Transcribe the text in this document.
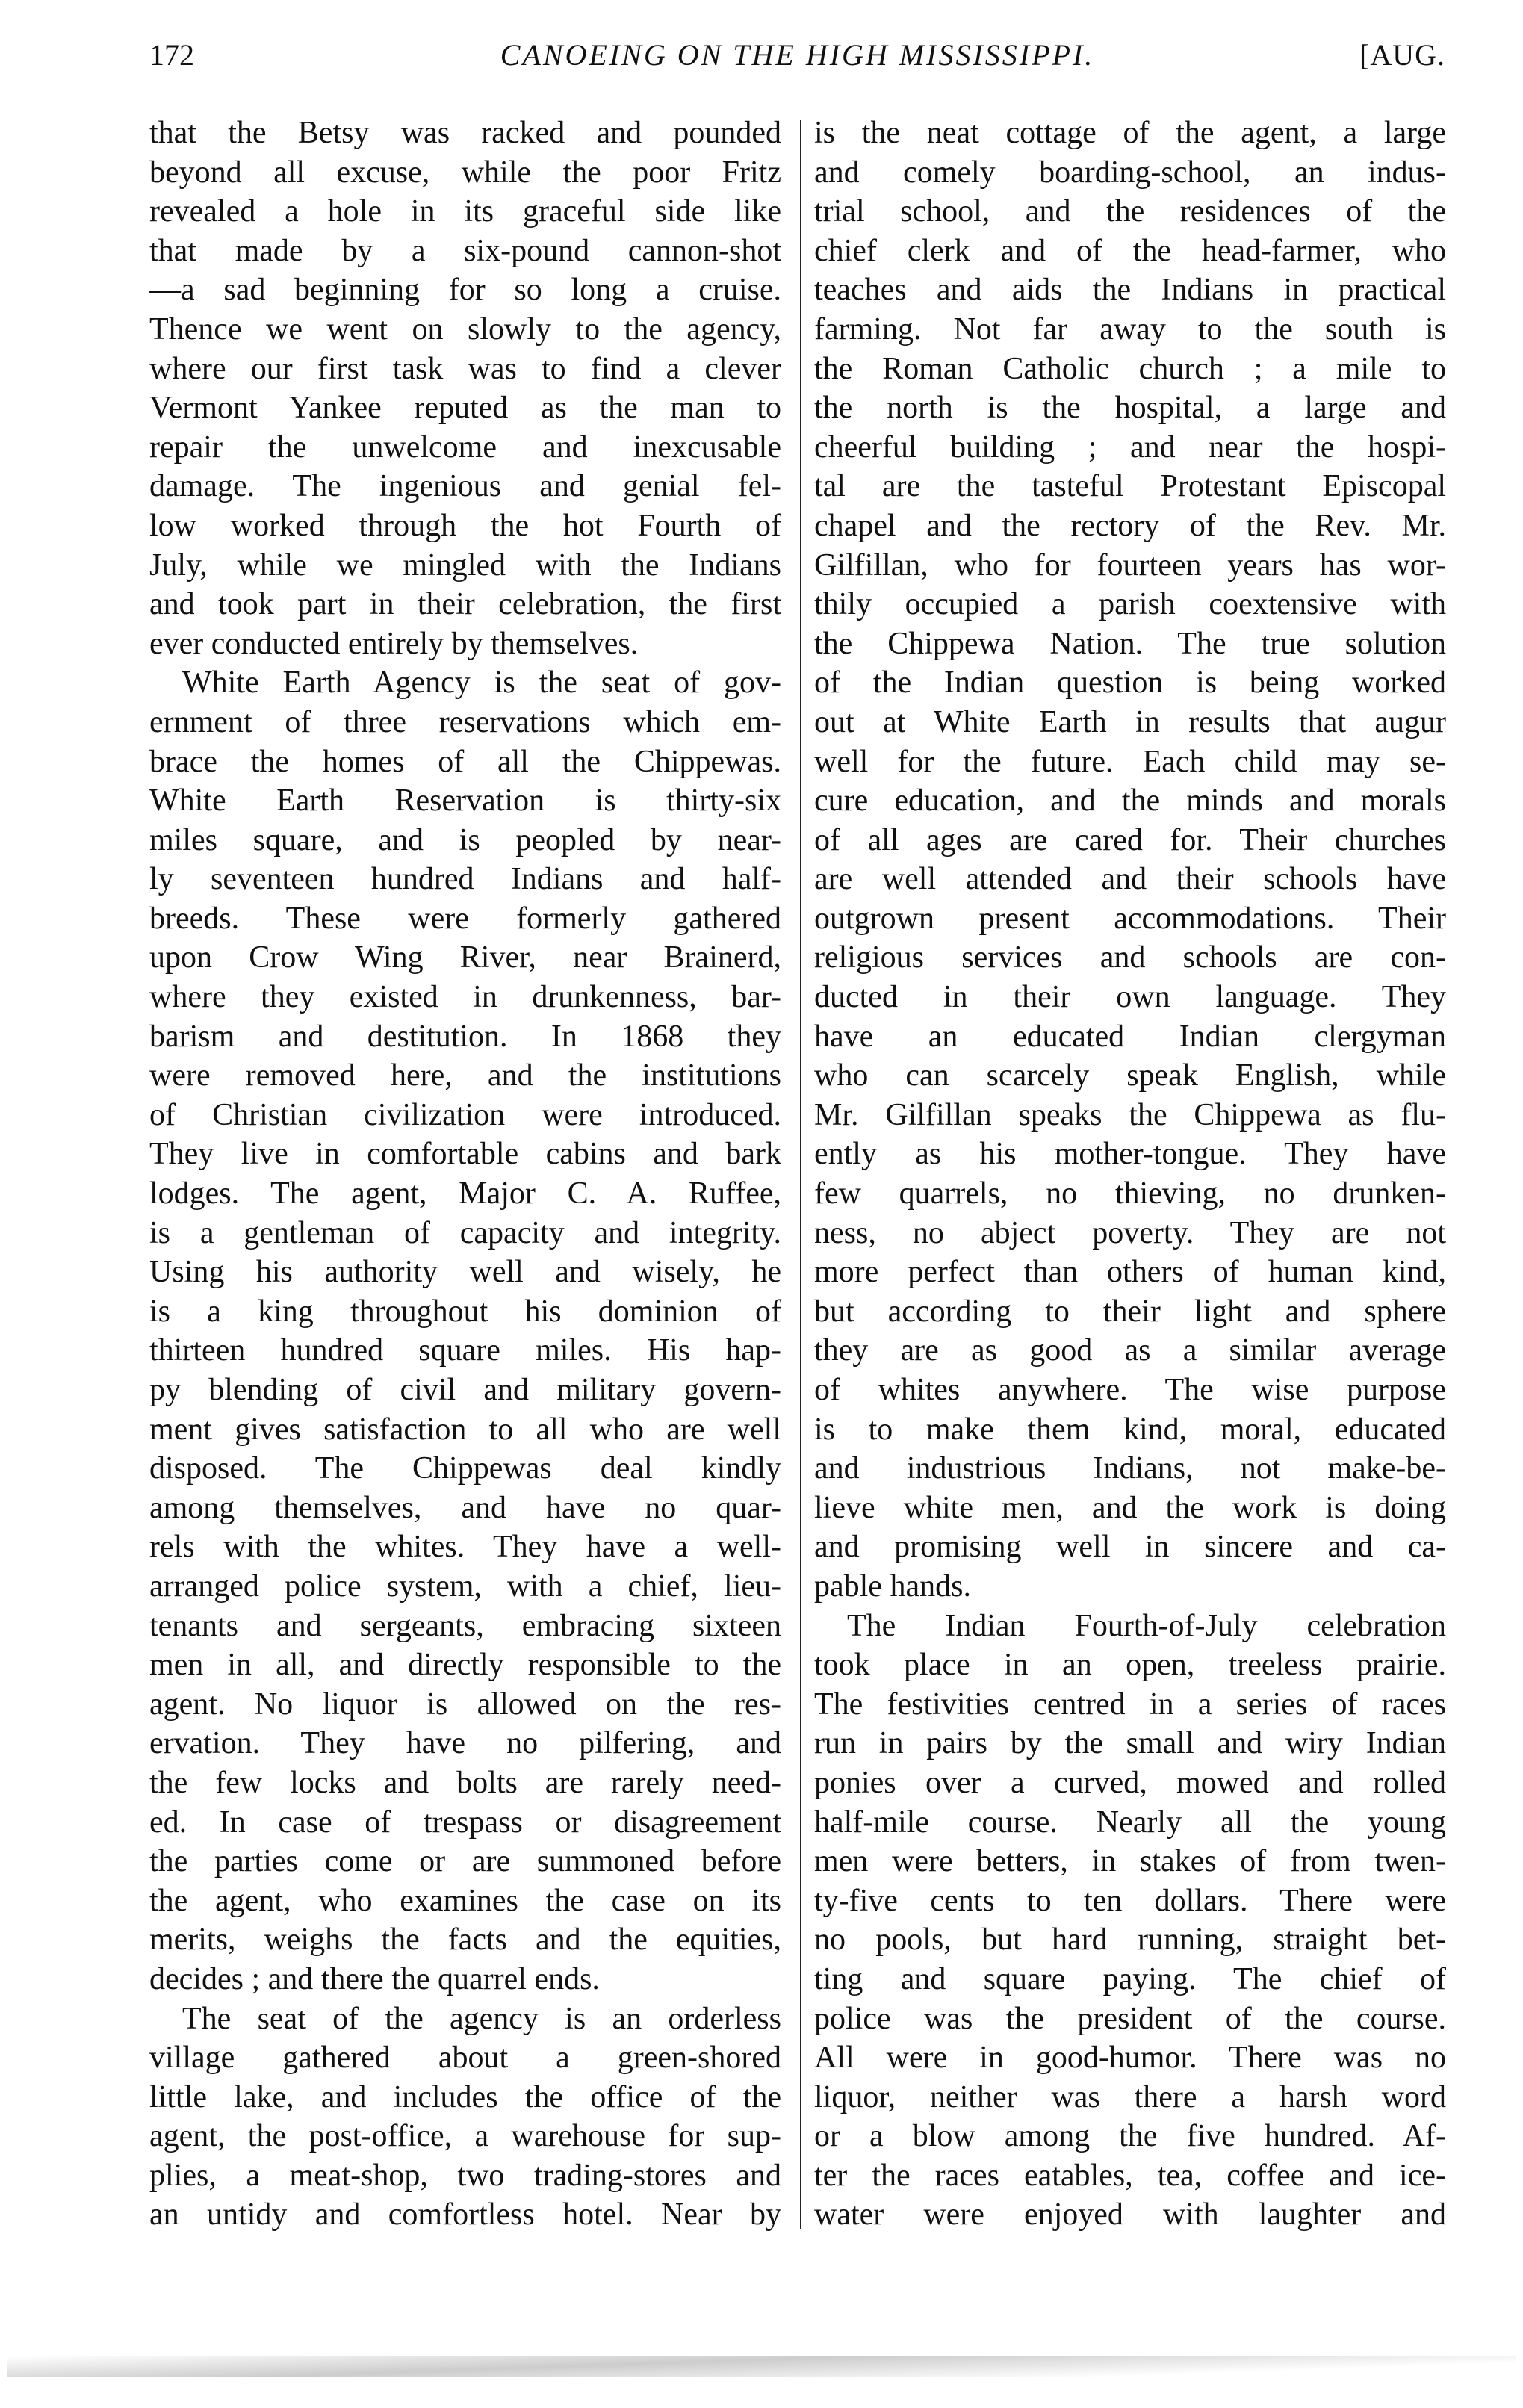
172	CANOEING ON THE HIGH MISSISSIPPI.	[AUG.
that the Betsy was racked and pounded
beyond all excuse, while the poor Fritz
revealed a hole in its graceful side like
that made by a six-pound cannon-shot
—a sad beginning for so long a cruise.
Thence we went on slowly to the agency,
where our first task was to find a clever
Vermont Yankee reputed as the man to
repair the unwelcome and inexcusable
damage. The ingenious and genial fel-
low worked through the hot Fourth of
July, while we mingled with the Indians
and took part in their celebration, the first
ever conducted entirely by themselves.
White Earth Agency is the seat of gov-
ernment of three reservations which em-
brace the homes of all the Chippewas.
White Earth Reservation is thirty-six
miles square, and is peopled by near-
ly seventeen hundred Indians and half-
breeds. These were formerly gathered
upon Crow Wing River, near Brainerd,
where they existed in drunkenness, bar-
barism and destitution. In 1868 they
were removed here, and the institutions
of Christian civilization were introduced.
They live in comfortable cabins and bark
lodges. The agent, Major C. A. Ruffee,
is a gentleman of capacity and integrity.
Using his authority well and wisely, he
is a king throughout his dominion of
thirteen hundred square miles. His hap-
py blending of civil and military govern-
ment gives satisfaction to all who are well
disposed. The Chippewas deal kindly
among themselves, and have no quar-
rels with the whites. They have a well-
arranged police system, with a chief, lieu-
tenants and sergeants, embracing sixteen
men in all, and directly responsible to the
agent. No liquor is allowed on the res-
ervation. They have no pilfering, and
the few locks and bolts are rarely need-
ed. In case of trespass or disagreement
the parties come or are summoned before
the agent, who examines the case on its
merits, weighs the facts and the equities,
decides ; and there the quarrel ends.
The seat of the agency is an orderless
village gathered about a green-shored
little lake, and includes the office of the
agent, the post-office, a warehouse for sup-
plies, a meat-shop, two trading-stores and
an untidy and comfortless hotel. Near by
is the neat cottage of the agent, a large
and comely boarding-school, an indus-
trial school, and the residences of the
chief clerk and of the head-farmer, who
teaches and aids the Indians in practical
farming. Not far away to the south is
the Roman Catholic church ; a mile to
the north is the hospital, a large and
cheerful building ; and near the hospi-
tal are the tasteful Protestant Episcopal
chapel and the rectory of the Rev. Mr.
Gilfillan, who for fourteen years has wor-
thily occupied a parish coextensive with
the Chippewa Nation. The true solution
of the Indian question is being worked
out at White Earth in results that augur
well for the future. Each child may se-
cure education, and the minds and morals
of all ages are cared for. Their churches
are well attended and their schools have
outgrown present accommodations. Their
religious services and schools are con-
ducted in their own language. They
have an educated Indian clergyman
who can scarcely speak English, while
Mr. Gilfillan speaks the Chippewa as flu-
ently as his mother-tongue. They have
few quarrels, no thieving, no drunken-
ness, no abject poverty. They are not
more perfect than others of human kind,
but according to their light and sphere
they are as good as a similar average
of whites anywhere. The wise purpose
is to make them kind, moral, educated
and industrious Indians, not make-be-
lieve white men, and the work is doing
and promising well in sincere and ca-
pable hands.
The Indian Fourth-of-July celebration
took place in an open, treeless prairie.
The festivities centred in a series of races
run in pairs by the small and wiry Indian
ponies over a curved, mowed and rolled
half-mile course. Nearly all the young
men were betters, in stakes of from twen-
ty-five cents to ten dollars. There were
no pools, but hard running, straight bet-
ting and square paying. The chief of
police was the president of the course.
All were in good-humor. There was no
liquor, neither was there a harsh word
or a blow among the five hundred. Af-
ter the races eatables, tea, coffee and ice-
water were enjoyed with laughter and
